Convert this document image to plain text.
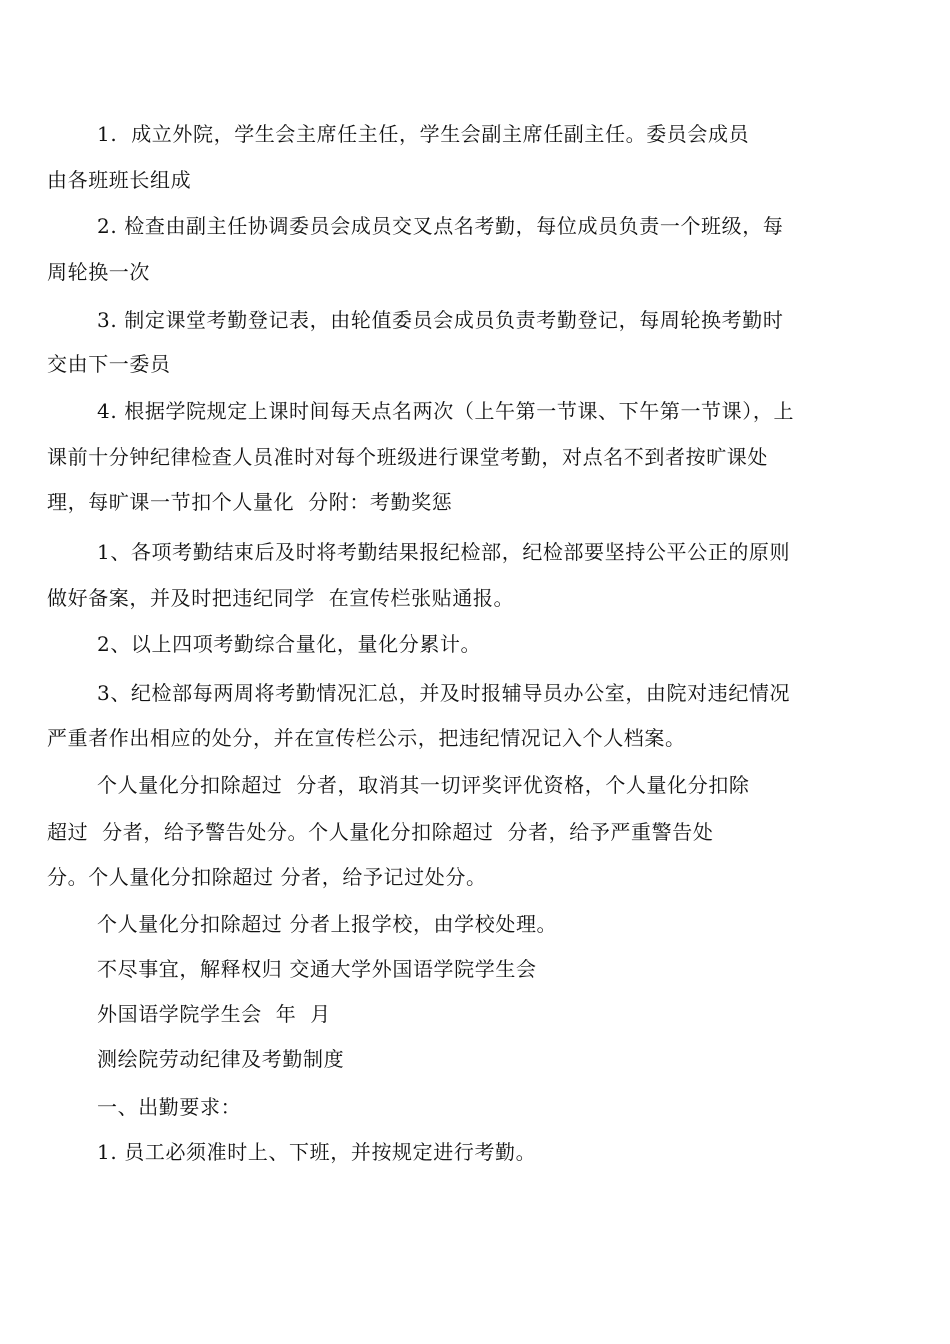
1.  成立外院，学生会主席任主任，学生会副主席任副主任。委员会成员
由各班班长组成
2. 检查由副主任协调委员会成员交叉点名考勤，每位成员负责一个班级，每
周轮换一次
3. 制定课堂考勤登记表，由轮值委员会成员负责考勤登记，每周轮换考勤时
交由下一委员
4. 根据学院规定上课时间每天点名两次（上午第一节课、下午第一节课），上
课前十分钟纪律检查人员准时对每个班级进行课堂考勤，对点名不到者按旷课处
理，每旷课一节扣个人量化  分附：考勤奖惩
1、各项考勤结束后及时将考勤结果报纪检部，纪检部要坚持公平公正的原则
做好备案，并及时把违纪同学  在宣传栏张贴通报。
2、以上四项考勤综合量化，量化分累计。
3、纪检部每两周将考勤情况汇总，并及时报辅导员办公室，由院对违纪情况
严重者作出相应的处分，并在宣传栏公示，把违纪情况记入个人档案。
个人量化分扣除超过  分者，取消其一切评奖评优资格，个人量化分扣除
超过  分者，给予警告处分。个人量化分扣除超过  分者，给予严重警告处
分。个人量化分扣除超过 分者，给予记过处分。
个人量化分扣除超过 分者上报学校，由学校处理。
不尽事宜，解释权归 交通大学外国语学院学生会
外国语学院学生会  年  月
测绘院劳动纪律及考勤制度
一、出勤要求：
1. 员工必须准时上、下班，并按规定进行考勤。
